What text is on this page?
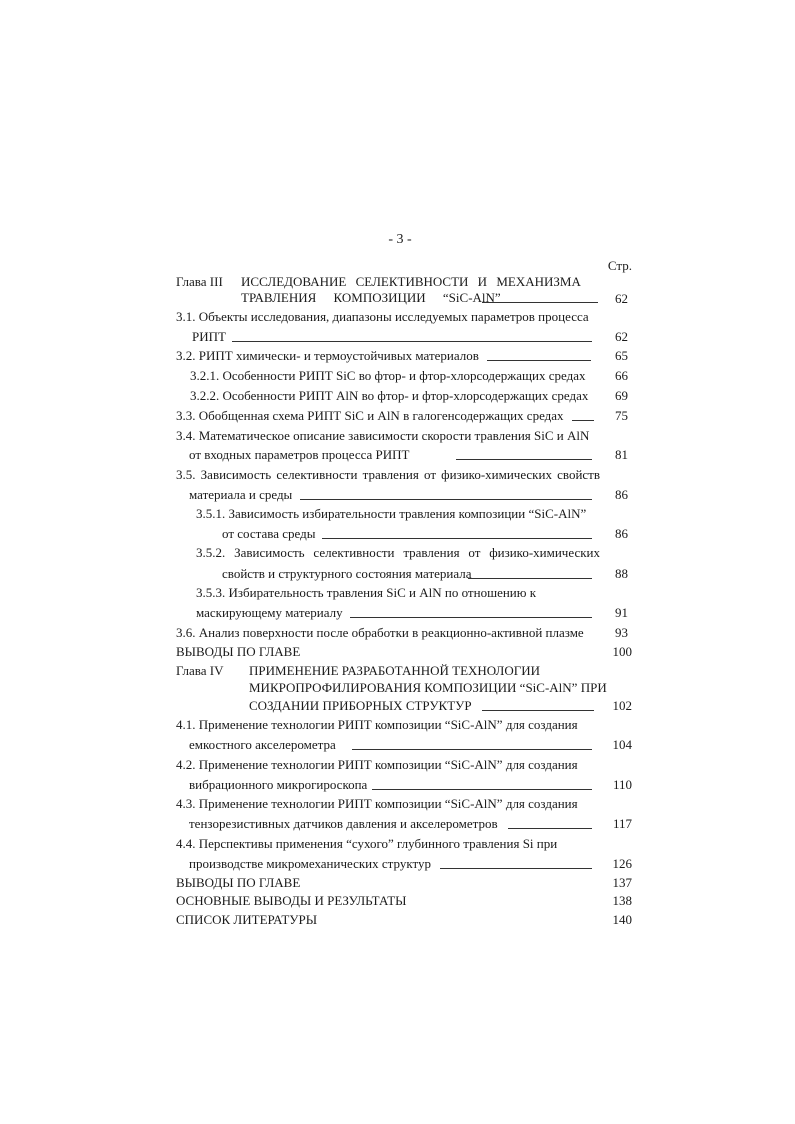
- 3 -
Стр.
Глава III ИССЛЕДОВАНИЕ СЕЛЕКТИВНОСТИ И МЕХАНИЗМА
ТРАВЛЕНИЯ КОМПОЗИЦИИ “SiC-AlN”	62
3.1. Объекты исследования, диапазоны исследуемых параметров процесса
РИПТ	62
3.2. РИПТ химически- и термоустойчивых материалов	65
3.2.1. Особенности РИПТ SiC во фтор- и фтор-хлорсодержащих средах	66
3.2.2. Особенности РИПТ AlN во фтор- и фтор-хлорсодержащих средах	69
3.3. Обобщенная схема РИПТ SiC и AlN в галогенсодержащих средах	75
3.4. Математическое описание зависимости скорости травления SiC и AlN
от входных параметров процесса РИПТ	81
3.5. Зависимость селективности травления от физико-химических свойств
материала и среды	86
3.5.1. Зависимость избирательности травления композиции “SiC-AlN”
от состава среды	86
3.5.2. Зависимость селективности травления от физико-химических
свойств и структурного состояния материала	88
3.5.3. Избирательность травления SiC и AlN по отношению к
маскирующему материалу	91
3.6. Анализ поверхности после обработки в реакционно-активной плазме	93
ВЫВОДЫ ПО ГЛАВЕ	100
Глава IV ПРИМЕНЕНИЕ РАЗРАБОТАННОЙ ТЕХНОЛОГИИ
МИКРОПРОФИЛИРОВАНИЯ КОМПОЗИЦИИ “SiC-AlN” ПРИ
СОЗДАНИИ ПРИБОРНЫХ СТРУКТУР	102
4.1. Применение технологии РИПТ композиции “SiC-AlN” для создания
емкостного акселерометра	104
4.2. Применение технологии РИПТ композиции “SiC-AlN” для создания
вибрационного микрогироскопа	110
4.3. Применение технологии РИПТ композиции “SiC-AlN” для создания
тензорезистивных датчиков давления и акселерометров	117
4.4. Перспективы применения “сухого” глубинного травления Si при
производстве микромеханических структур	126
ВЫВОДЫ ПО ГЛАВЕ	137
ОСНОВНЫЕ ВЫВОДЫ И РЕЗУЛЬТАТЫ	138
СПИСОК ЛИТЕРАТУРЫ	140
